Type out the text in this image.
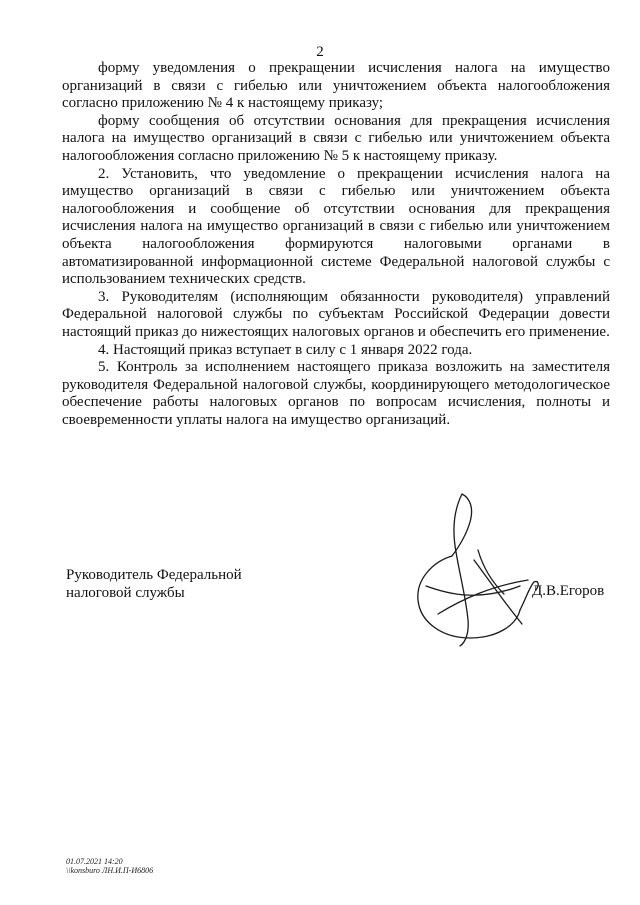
2

форму уведомления о прекращении исчисления налога на имущество организаций в связи с гибелью или уничтожением объекта налогообложения согласно приложению № 4 к настоящему приказу;

форму сообщения об отсутствии основания для прекращения исчисления налога на имущество организаций в связи с гибелью или уничтожением объекта налогообложения согласно приложению № 5 к настоящему приказу.

2. Установить, что уведомление о прекращении исчисления налога на имущество организаций в связи с гибелью или уничтожением объекта налогообложения и сообщение об отсутствии основания для прекращения исчисления налога на имущество организаций в связи с гибелью или уничтожением объекта налогообложения формируются налоговыми органами в автоматизированной информационной системе Федеральной налоговой службы с использованием технических средств.

3. Руководителям (исполняющим обязанности руководителя) управлений Федеральной налоговой службы по субъектам Российской Федерации довести настоящий приказ до нижестоящих налоговых органов и обеспечить его применение.

4. Настоящий приказ вступает в силу с 1 января 2022 года.

5. Контроль за исполнением настоящего приказа возложить на заместителя руководителя Федеральной налоговой службы, координирующего методологическое обеспечение работы налоговых органов по вопросам исчисления, полноты и своевременности уплаты налога на имущество организаций.

Руководитель Федеральной
налоговой службы	Д.В.Егоров
01.07.2021 14:20
\\konsburo ЛН.И.П-И6806
